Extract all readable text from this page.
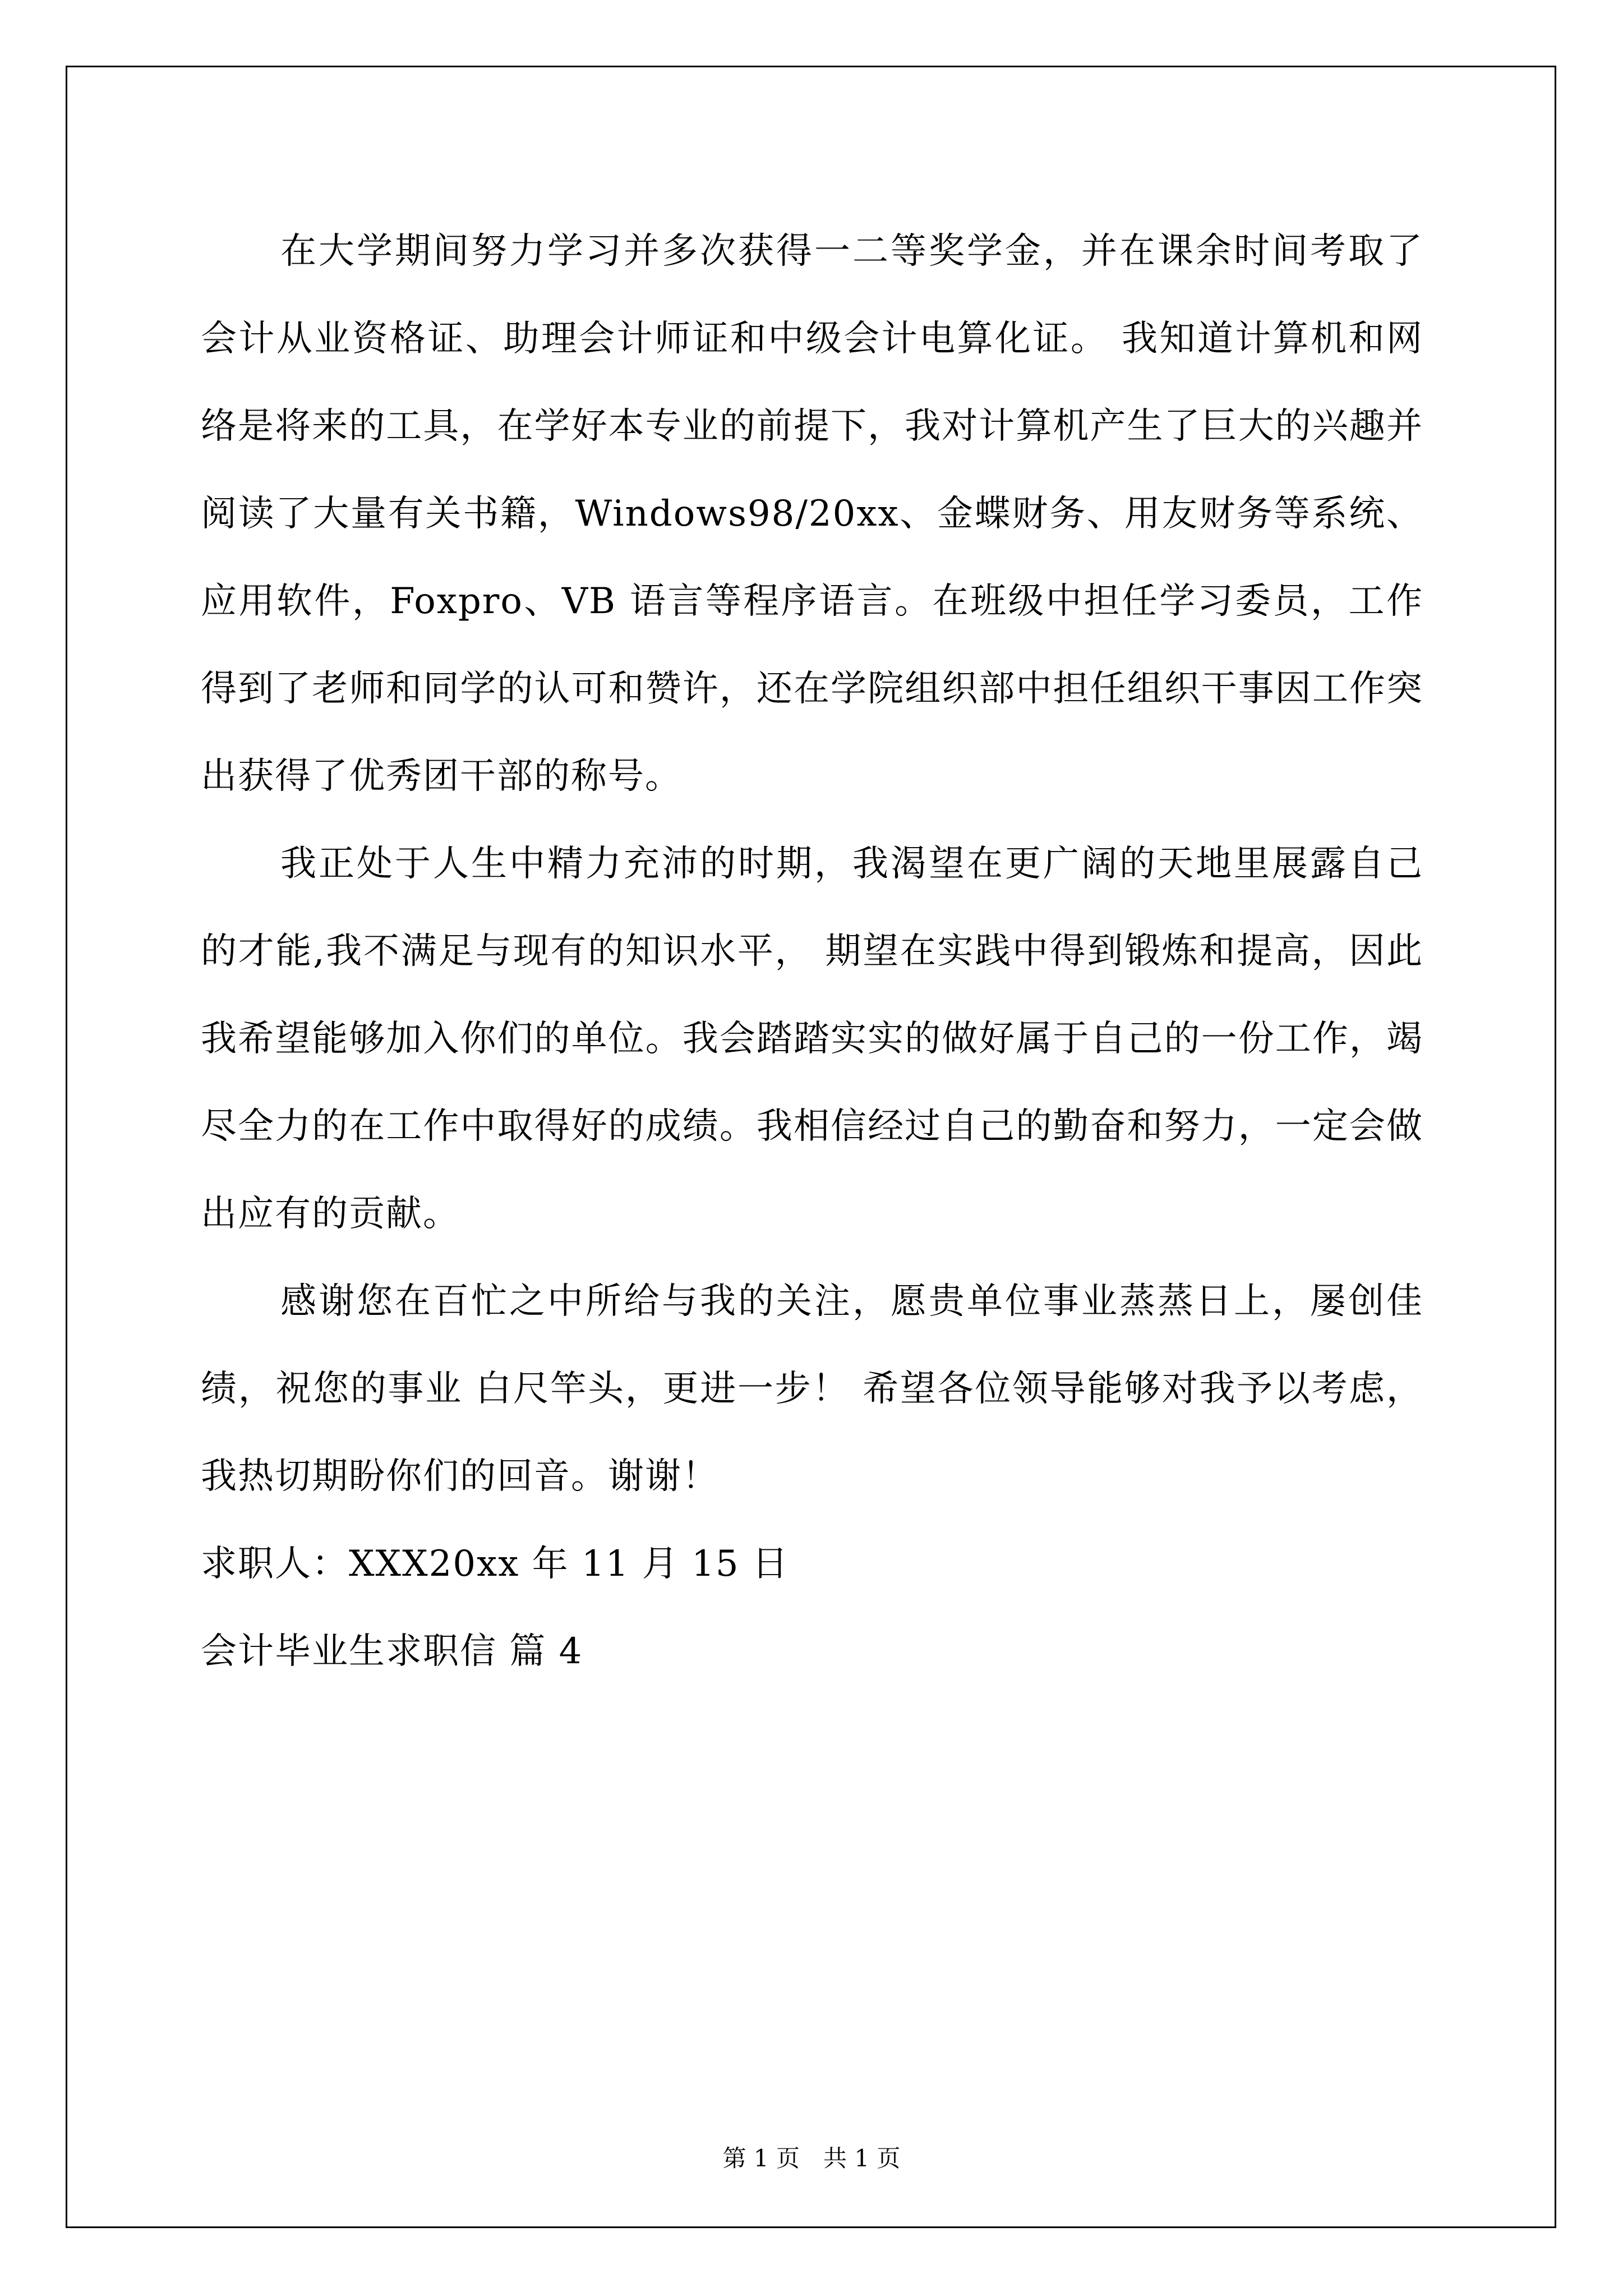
在大学期间努力学习并多次获得一二等奖学金，并在课余时间考取了会计从业资格证、助理会计师证和中级会计电算化证。 我知道计算机和网络是将来的工具，在学好本专业的前提下，我对计算机产生了巨大的兴趣并阅读了大量有关书籍，Windows98/20xx、金蝶财务、用友财务等系统、应用软件，Foxpro、VB 语言等程序语言。在班级中担任学习委员，工作得到了老师和同学的认可和赞许，还在学院组织部中担任组织干事因工作突出获得了优秀团干部的称号。

我正处于人生中精力充沛的时期，我渴望在更广阔的天地里展露自己的才能,我不满足与现有的知识水平， 期望在实践中得到锻炼和提高，因此我希望能够加入你们的单位。我会踏踏实实的做好属于自己的一份工作，竭尽全力的在工作中取得好的成绩。我相信经过自己的勤奋和努力，一定会做出应有的贡献。

感谢您在百忙之中所给与我的关注，愿贵单位事业蒸蒸日上，屡创佳绩，祝您的事业 白尺竿头，更进一步！ 希望各位领导能够对我予以考虑，我热切期盼你们的回音。谢谢！

求职人：XXX20xx 年 11 月 15 日

会计毕业生求职信 篇 4

第 1 页　共 1 页
